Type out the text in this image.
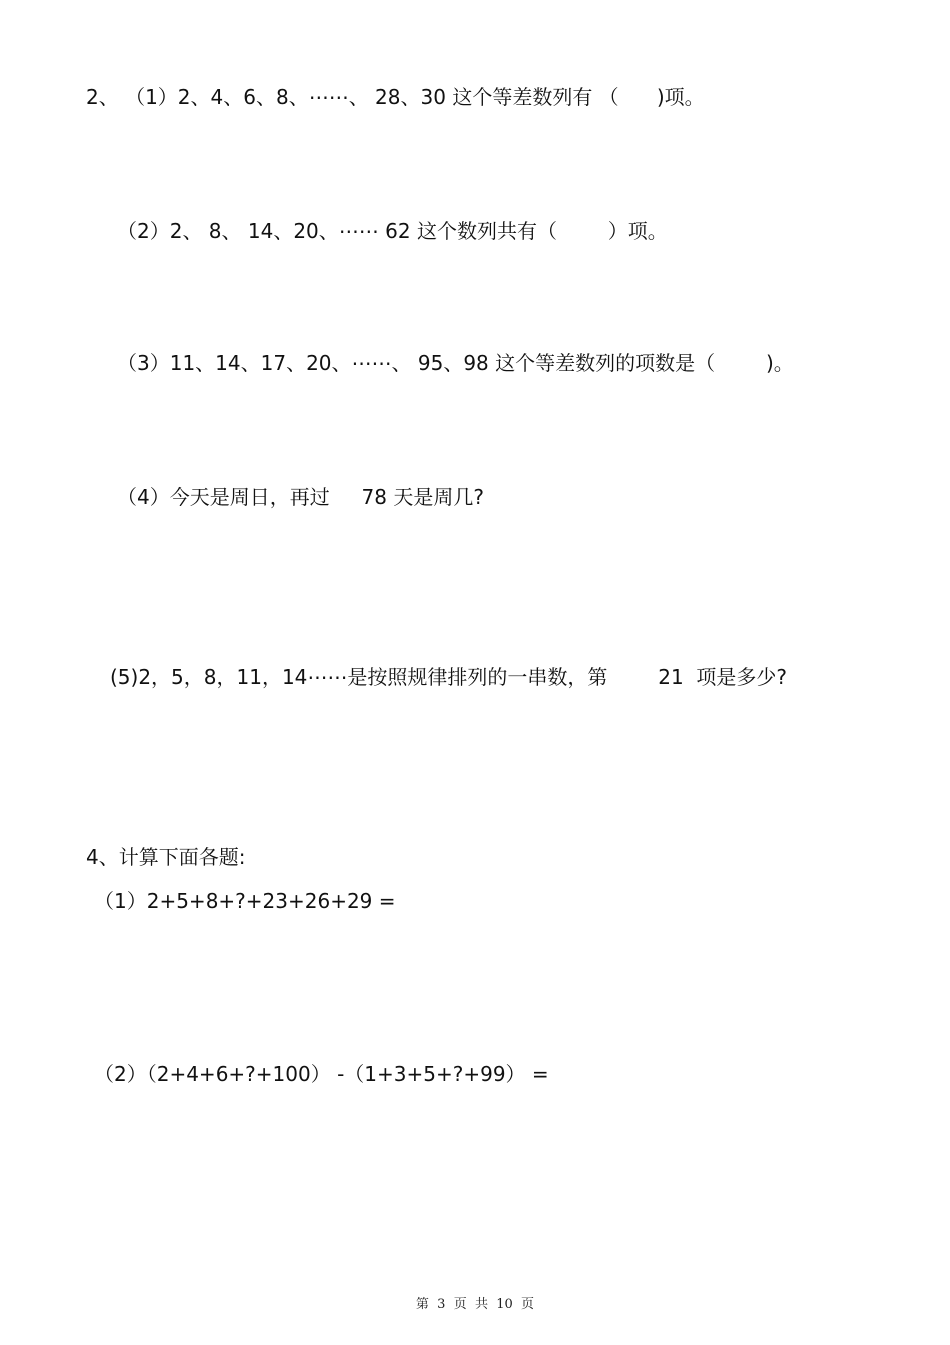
2、 （1）2、4、6、8、⋯⋯、 28、30 这个等差数列有 （      )项。
（2）2、 8、 14、20、⋯⋯ 62 这个数列共有（        ）项。
（3）11、14、17、20、⋯⋯、 95、98 这个等差数列的项数是（        )。
（4）今天是周日，再过     78 天是周几?
(5)2，5，8，11，14⋯⋯是按照规律排列的一串数，第        21  项是多少?
4、计算下面各题:
（1）2+5+8+?+23+26+29 =
（2）（2+4+6+?+100） -（1+3+5+?+99） =
第  3  页  共  10  页
